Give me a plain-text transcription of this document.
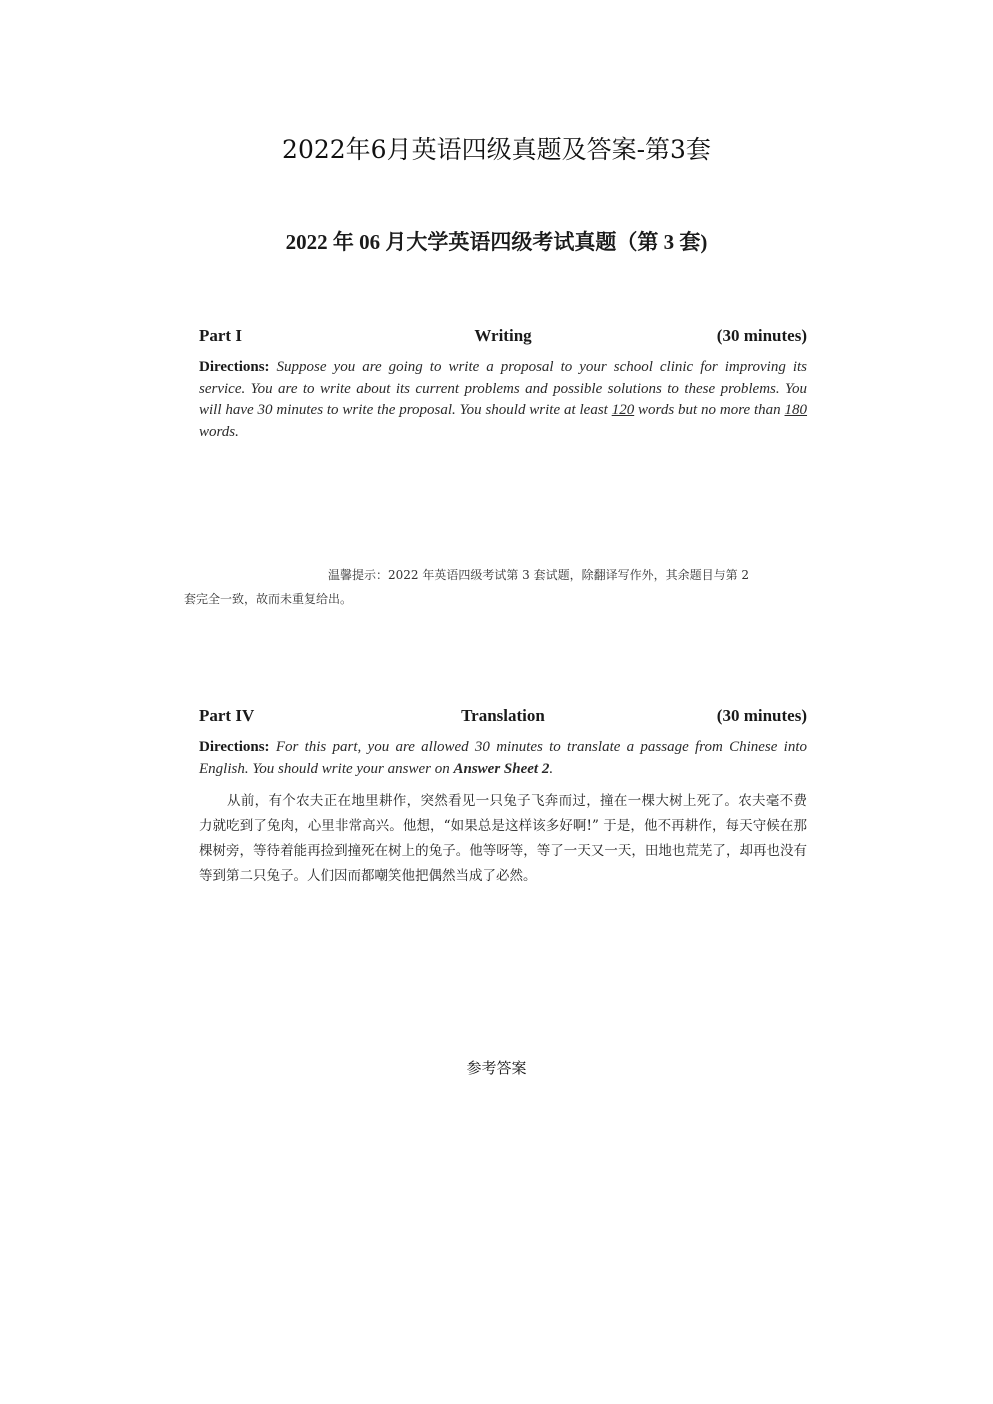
2022年6月英语四级真题及答案-第3套
2022 年 06 月大学英语四级考试真题（第 3 套)
Part I	Writing	(30 minutes)
Directions: Suppose you are going to write a proposal to your school clinic for improving its service. You are to write about its current problems and possible solutions to these problems. You will have 30 minutes to write the proposal. You should write at least 120 words but no more than 180 words.
温馨提示：2022 年英语四级考试第 3 套试题，除翻译写作外，其余题目与第 2
套完全一致，故而未重复给出。
Part IV	Translation	(30 minutes)
Directions: For this part, you are allowed 30 minutes to translate a passage from Chinese into English. You should write your answer on Answer Sheet 2.
从前，有个农夫正在地里耕作，突然看见一只兔子飞奔而过，撞在一棵大树上死了。农夫毫不费力就吃到了兔肉，心里非常高兴。他想，“如果总是这样该多好啊!” 于是，他不再耕作，每天守候在那棵树旁，等待着能再捡到撞死在树上的兔子。他等呀等，等了一天又一天，田地也荒芜了，却再也没有等到第二只兔子。人们因而都嘲笑他把偶然当成了必然。
参考答案
